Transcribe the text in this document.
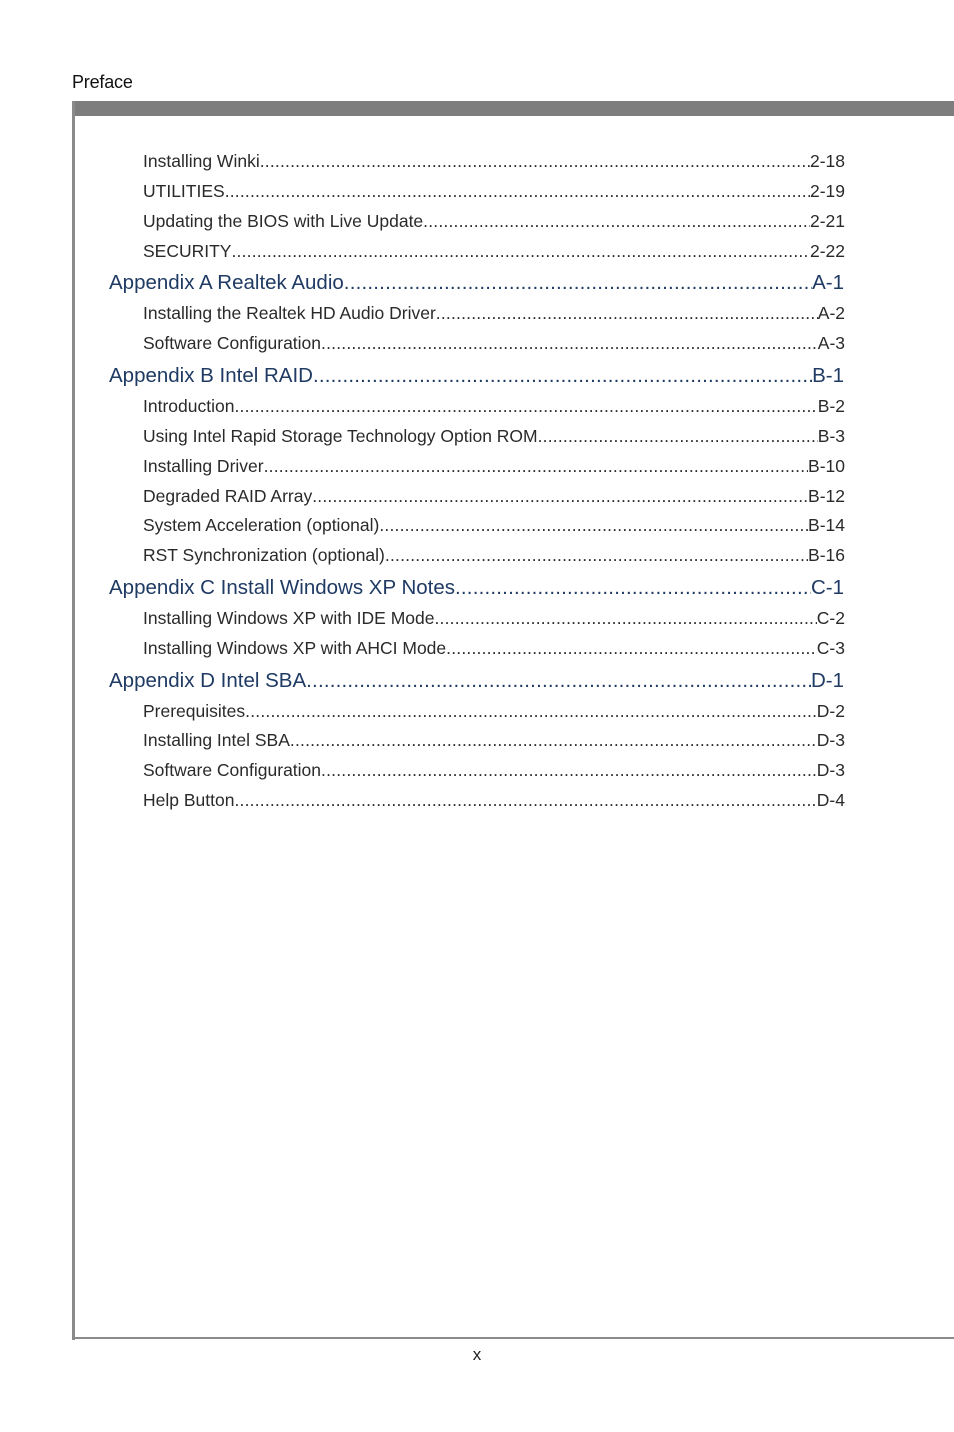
Preface
Installing Winki .....	2-18
UTILITIES .....	2-19
Updating the BIOS with Live Update .....	2-21
SECURITY .....	2-22
Appendix A Realtek Audio .....	A-1
Installing the Realtek HD Audio Driver .....	A-2
Software Configuration .....	A-3
Appendix B Intel RAID .....	B-1
Introduction .....	B-2
Using Intel Rapid Storage Technology Option ROM .....	B-3
Installing Driver .....	B-10
Degraded RAID Array .....	B-12
System Acceleration (optional) .....	B-14
RST Synchronization (optional) .....	B-16
Appendix C Install Windows XP Notes .....	C-1
Installing Windows XP with IDE Mode .....	C-2
Installing Windows XP with AHCI Mode .....	C-3
Appendix D Intel SBA .....	D-1
Prerequisites .....	D-2
Installing Intel SBA .....	D-3
Software Configuration .....	D-3
Help Button .....	D-4
x
